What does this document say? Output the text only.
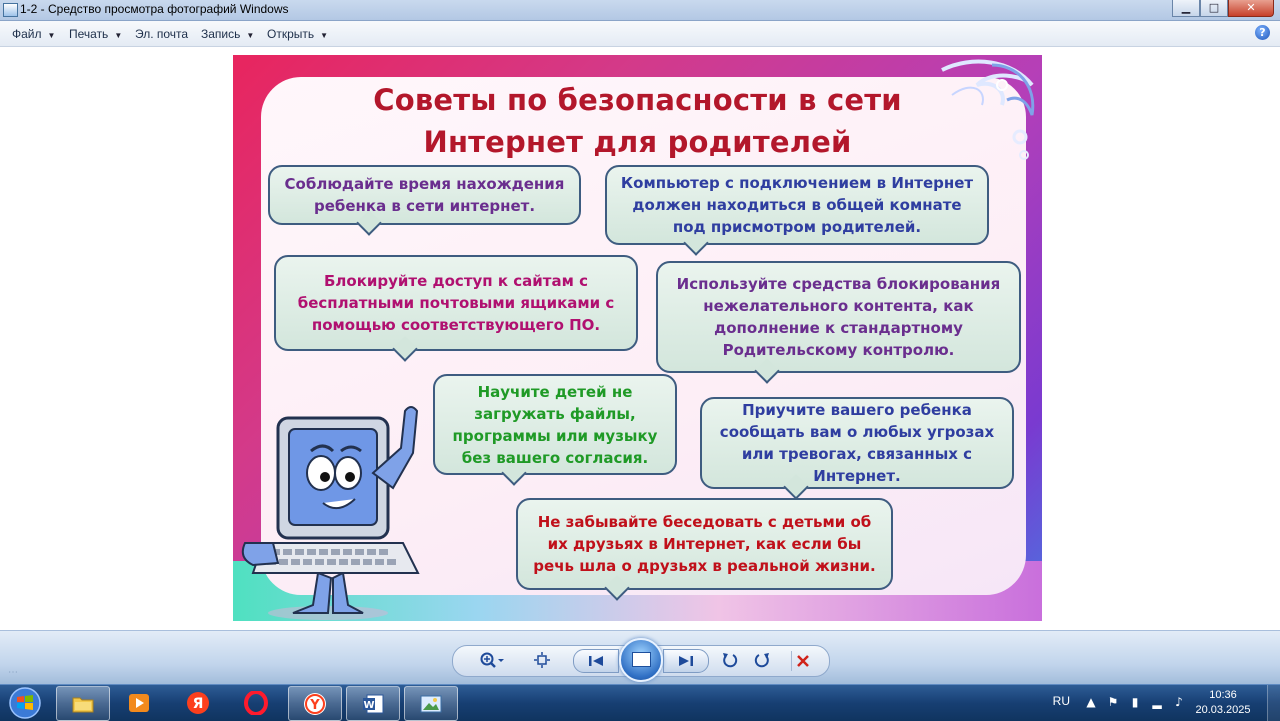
1-2 - Средство просмотра фотографий Windows	▁	□	✕
Файл ▼ Печать ▼ Эл. почта Запись ▼ Открыть ▼	?
Советы по безопасности в сети
Интернет для родителей
Соблюдайте время нахождения
ребенка в сети интернет.
Компьютер с подключением в Интернет
должен находиться в общей комнате
под присмотром родителей.
Блокируйте доступ к сайтам с
бесплатными почтовыми ящиками с
помощью соответствующего ПО.
Используйте средства блокирования
нежелательного контента, как
дополнение к стандартному
Родительскому контролю.
Научите детей не
загружать файлы,
программы или музыку
без вашего согласия.
Приучите вашего ребенка
сообщать вам о любых угрозах
или тревогах, связанных с
Интернет.
Не забывайте беседовать с детьми об
их друзьях в Интернет, как если бы
речь шла о друзьях в реальной жизни.
⋯
Я	Y	W	RU ▲ ⚑	▮	▂ ♪	10:36
20.03.2025
